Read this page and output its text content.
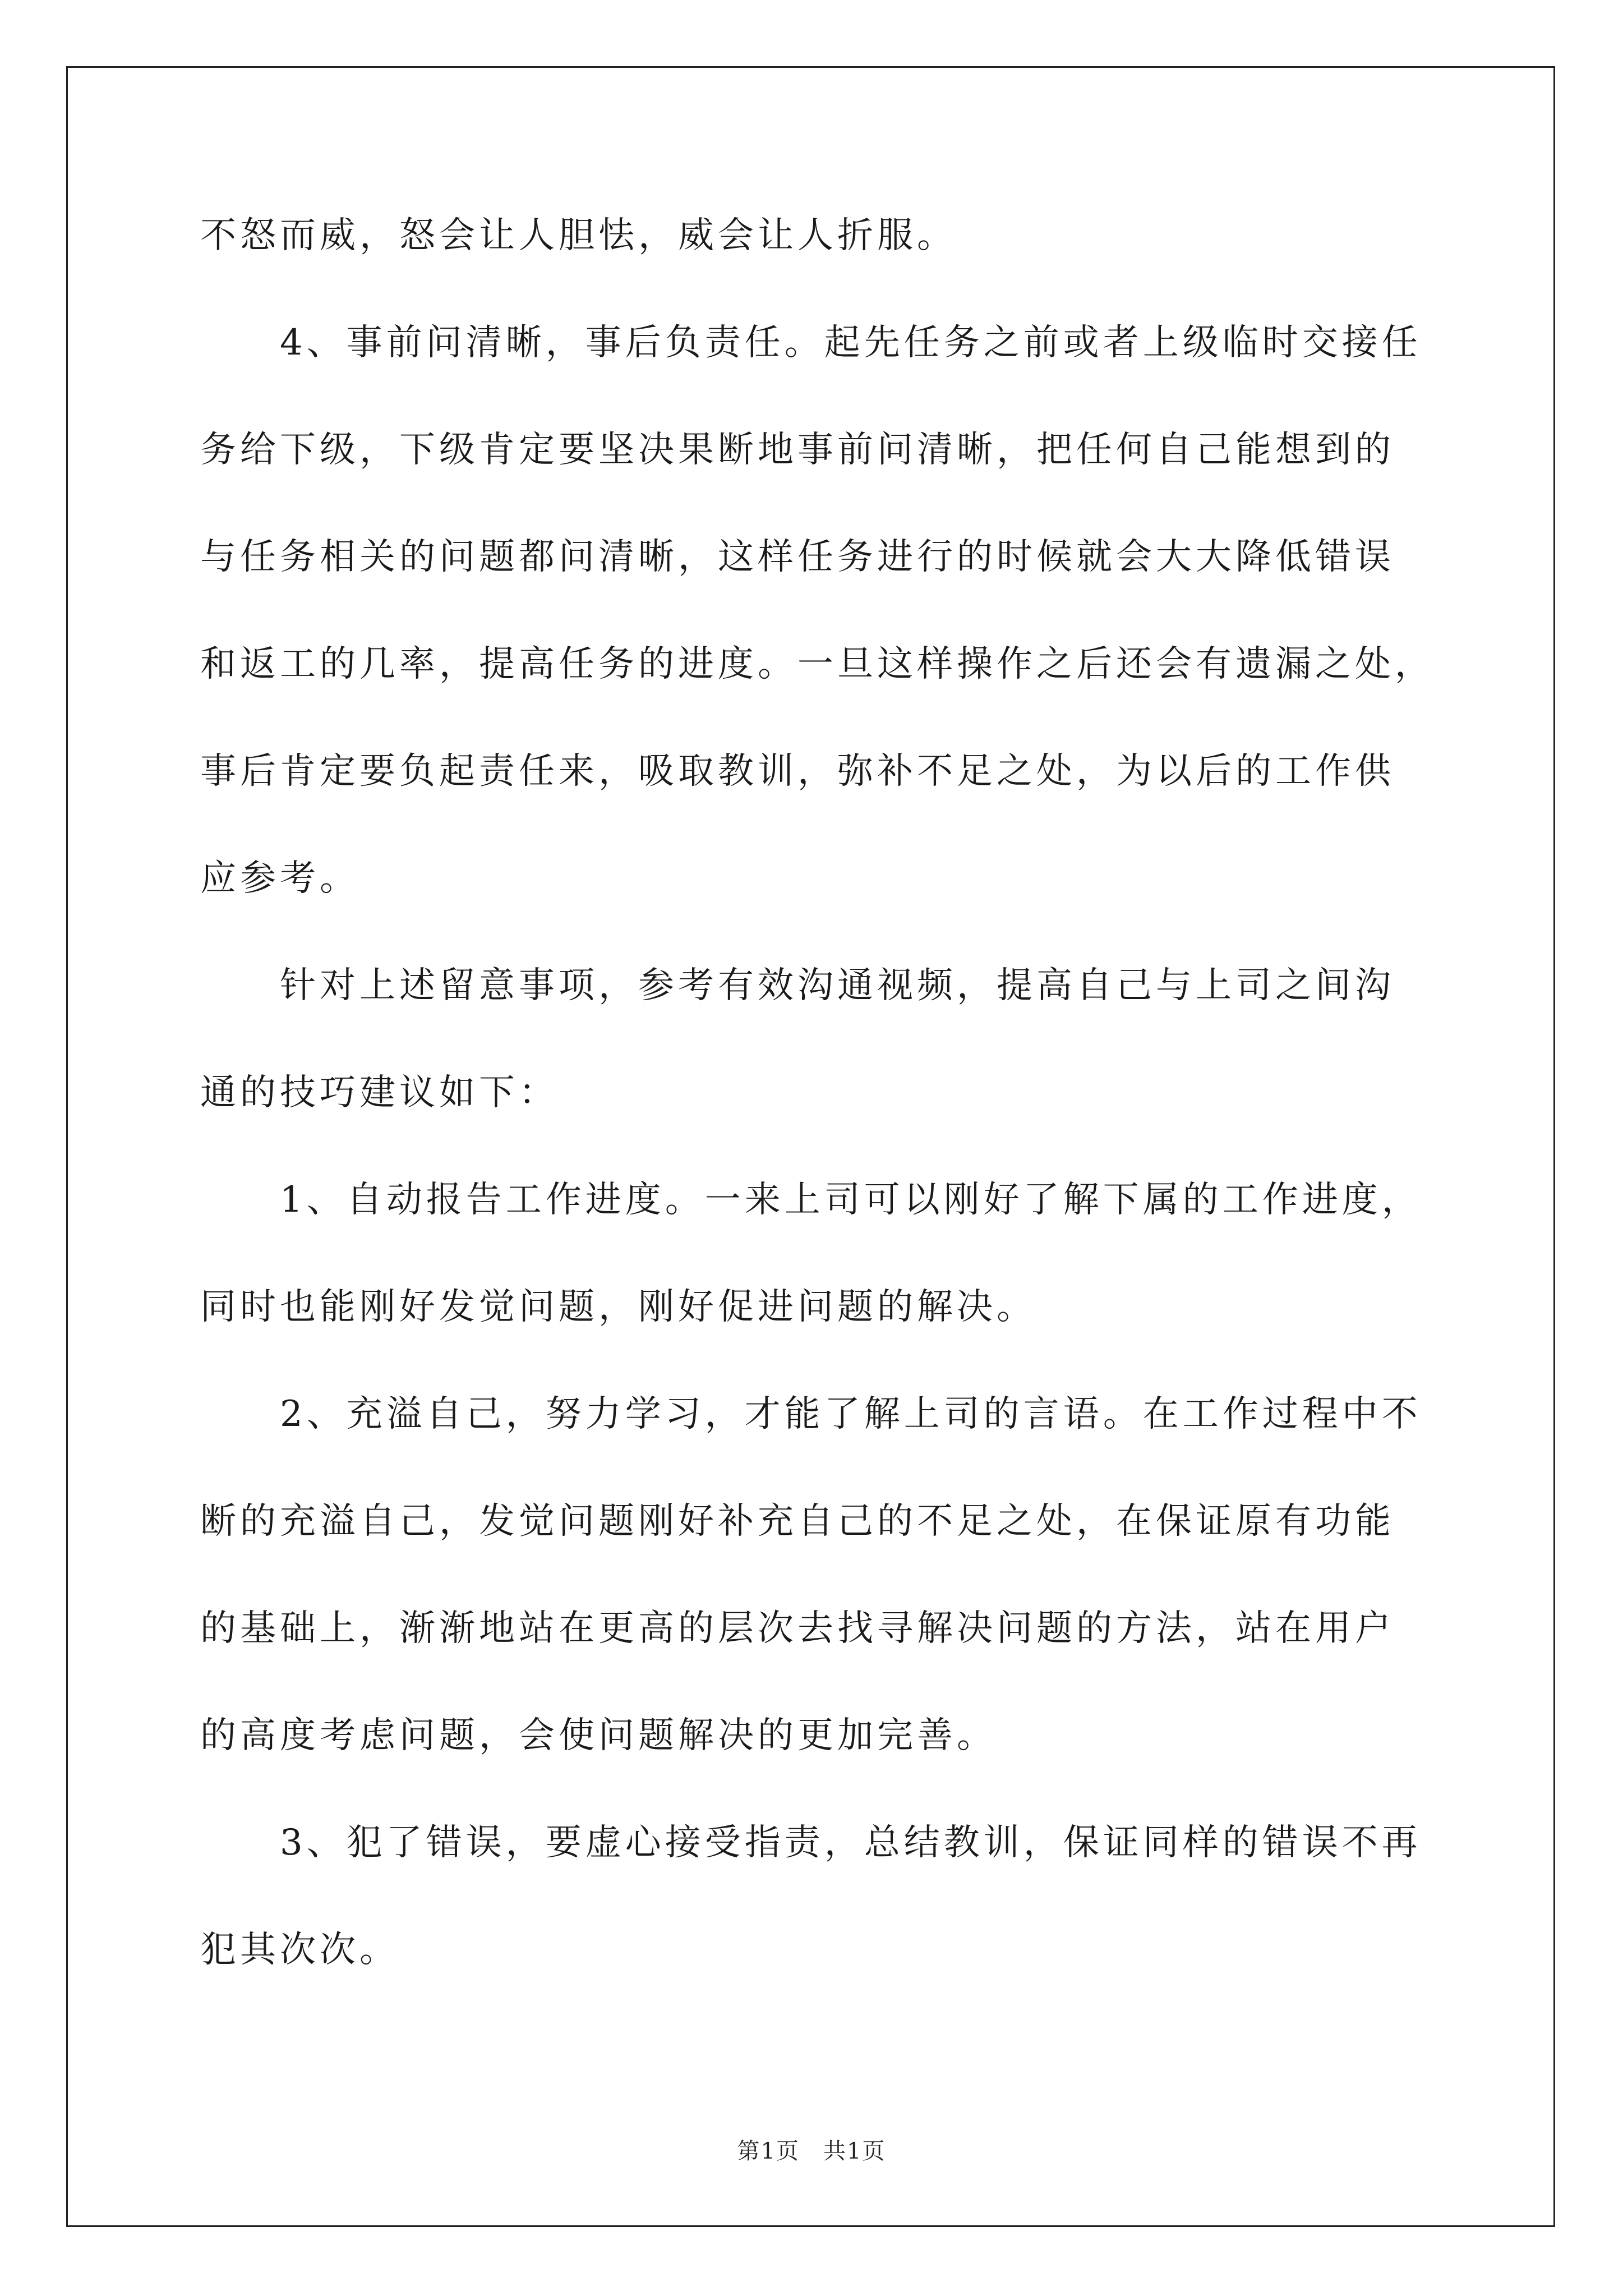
不怒而威，怒会让人胆怯，威会让人折服。
　　4、事前问清晰，事后负责任。起先任务之前或者上级临时交接任
务给下级，下级肯定要坚决果断地事前问清晰，把任何自己能想到的
与任务相关的问题都问清晰，这样任务进行的时候就会大大降低错误
和返工的几率，提高任务的进度。一旦这样操作之后还会有遗漏之处，
事后肯定要负起责任来，吸取教训，弥补不足之处，为以后的工作供
应参考。
　　针对上述留意事项，参考有效沟通视频，提高自己与上司之间沟
通的技巧建议如下：
　　1、自动报告工作进度。一来上司可以刚好了解下属的工作进度，
同时也能刚好发觉问题，刚好促进问题的解决。
　　2、充溢自己，努力学习，才能了解上司的言语。在工作过程中不
断的充溢自己，发觉问题刚好补充自己的不足之处，在保证原有功能
的基础上，渐渐地站在更高的层次去找寻解决问题的方法，站在用户
的高度考虑问题，会使问题解决的更加完善。
　　3、犯了错误，要虚心接受指责，总结教训，保证同样的错误不再
犯其次次。
第1页　共1页
